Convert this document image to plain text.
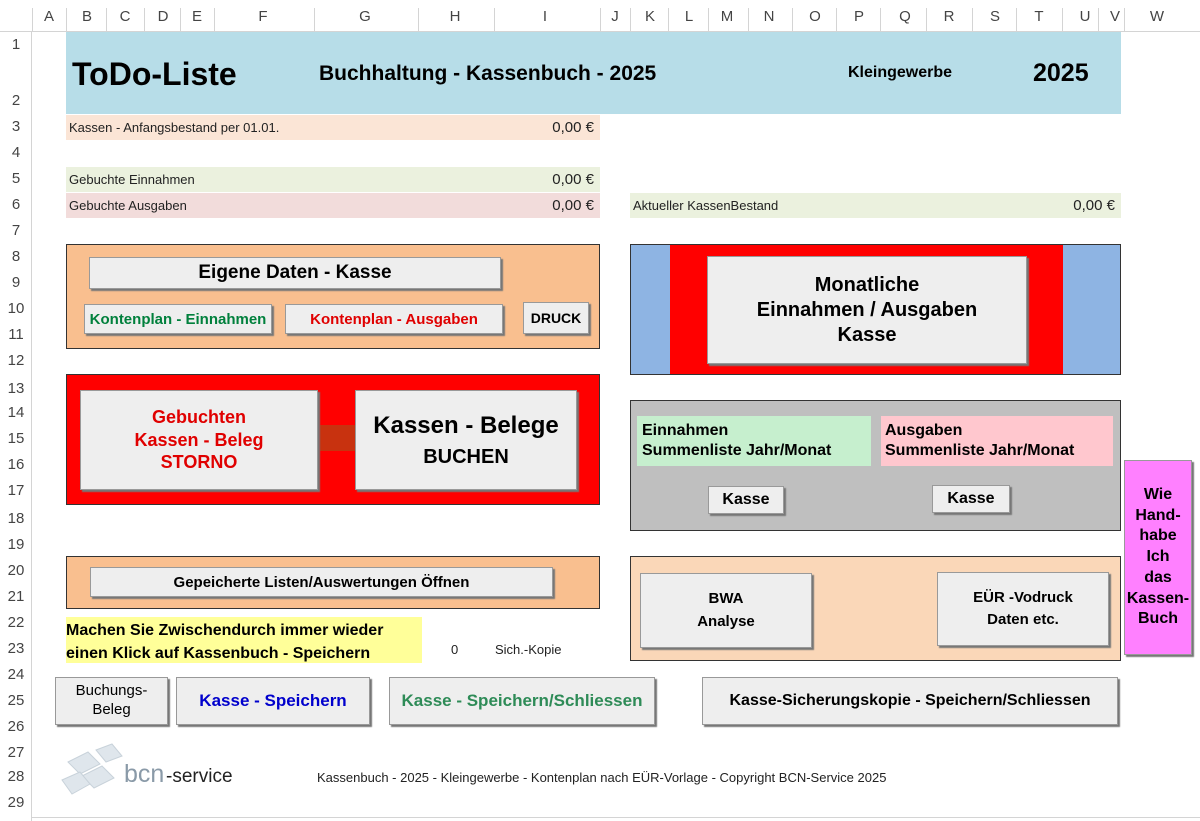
A	B	C	D	E	F	G	H	I	J	K	L	M	N	O	P	Q	R	S	T	U	V	W
1
2
3
4
5
6
7
8
9
10
11
12
13
14
15
16
17
18
19
20
21
22
23
24
25
26
27
28
29
ToDo-Liste	Buchhaltung - Kassenbuch - 2025	Kleingewerbe	2025
Kassen - Anfangsbestand per 01.01.	0,00 €
Gebuchte Einnahmen	0,00 €
Gebuchte Ausgaben	0,00 €	Aktueller KassenBestand	0,00 €
Eigene Daten - Kasse
Kontenplan - Einnahmen	Kontenplan - Ausgaben	DRUCK
Monatliche
Einnahmen / Ausgaben
Kasse
Gebuchten
Kassen - Beleg
STORNO
Kassen - Belege
BUCHEN
Einnahmen
Summenliste Jahr/Monat
Ausgaben
Summenliste Jahr/Monat
Kasse	Kasse	Wie
Hand-
habe
Ich
das
Kassen-
Buch
Gepeicherte Listen/Auswertungen Öffnen
BWA
Analyse
EÜR -Vodruck
Daten etc.
Machen Sie Zwischendurch immer wieder
einen Klick auf Kassenbuch - Speichern	0	Sich.-Kopie
Buchungs-
Beleg	Kasse - Speichern	Kasse - Speichern/Schliessen	Kasse-Sicherungskopie - Speichern/Schliessen
bcn -service	Kassenbuch - 2025 - Kleingewerbe - Kontenplan nach EÜR-Vorlage - Copyright BCN-Service 2025
